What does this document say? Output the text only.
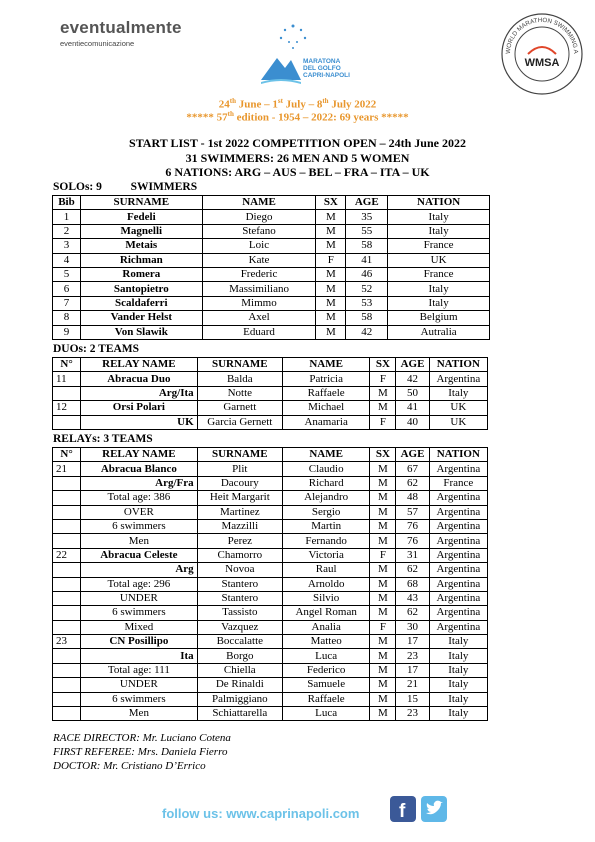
eventualmente
eventiecomunicazione
MARATONA
DEL GOLFO
CAPRI-NAPOLI
WORLD MARATHON SWIMMING A
WMSA
24th June – 1st July – 8th July 2022
***** 57th edition - 1954 – 2022: 69 years *****
START LIST - 1st 2022 COMPETITION OPEN – 24th June 2022
31 SWIMMERS: 26 MEN AND 5 WOMEN
6 NATIONS: ARG – AUS – BEL – FRA – ITA – UK
SOLOs: 9          SWIMMERS
Bib	SURNAME	NAME	SX	AGE	NATION
1	Fedeli	Diego	M	35	Italy
2	Magnelli	Stefano	M	55	Italy
3	Metais	Loic	M	58	France
4	Richman	Kate	F	41	UK
5	Romera	Frederic	M	46	France
6	Santopietro	Massimiliano	M	52	Italy
7	Scaldaferri	Mimmo	M	53	Italy
8	Vander Helst	Axel	M	58	Belgium
9	Von Slawik	Eduard	M	42	Autralia
DUOs: 2 TEAMS
N°	RELAY NAME	SURNAME	NAME	SX	AGE	NATION
11	Abracua Duo	Balda	Patricia	F	42	Argentina
	Arg/Ita	Notte	Raffaele	M	50	Italy
12	Orsi Polari	Garnett	Michael	M	41	UK
	UK	Garcia Gernett	Anamaria	F	40	UK
RELAYs: 3 TEAMS
N°	RELAY NAME	SURNAME	NAME	SX	AGE	NATION
21	Abracua Blanco	Plit	Claudio	M	67	Argentina
	Arg/Fra	Dacoury	Richard	M	62	France
	Total age: 386	Heit Margarit	Alejandro	M	48	Argentina
	OVER	Martinez	Sergio	M	57	Argentina
	6 swimmers	Mazzilli	Martin	M	76	Argentina
	Men	Perez	Fernando	M	76	Argentina
22	Abracua Celeste	Chamorro	Victoria	F	31	Argentina
	Arg	Novoa	Raul	M	62	Argentina
	Total age: 296	Stantero	Arnoldo	M	68	Argentina
	UNDER	Stantero	Silvio	M	43	Argentina
	6 swimmers	Tassisto	Angel Roman	M	62	Argentina
	Mixed	Vazquez	Analia	F	30	Argentina
23	CN Posillipo	Boccalatte	Matteo	M	17	Italy
	Ita	Borgo	Luca	M	23	Italy
	Total age: 111	Chiella	Federico	M	17	Italy
	UNDER	De Rinaldi	Samuele	M	21	Italy
	6 swimmers	Palmiggiano	Raffaele	M	15	Italy
	Men	Schiattarella	Luca	M	23	Italy
RACE DIRECTOR: Mr. Luciano Cotena
FIRST REFEREE: Mrs. Daniela Fierro
DOCTOR: Mr. Cristiano D’Errico
follow us: www.caprinapoli.com f
